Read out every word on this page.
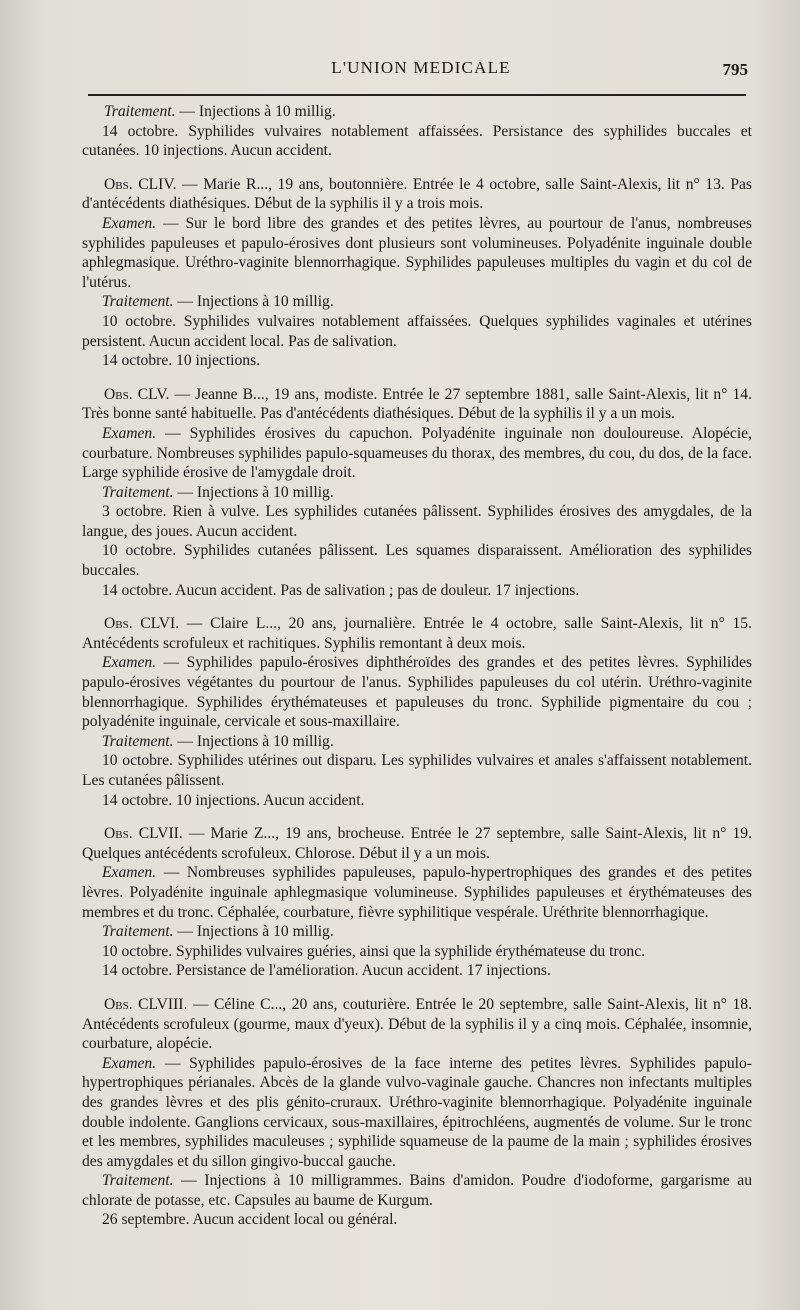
L'UNION MEDICALE	795

Traitement. — Injections à 10 millig.

14 octobre. Syphilides vulvaires notablement affaissées. Persistance des syphilides buccales et cutanées. 10 injections. Aucun accident.

Obs. CLIV. — Marie R..., 19 ans, boutonnière. Entrée le 4 octobre, salle Saint-Alexis, lit n° 13. Pas d'antécédents diathésiques. Début de la syphilis il y a trois mois.

Examen. — Sur le bord libre des grandes et des petites lèvres, au pourtour de l'anus, nombreuses syphilides papuleuses et papulo-érosives dont plusieurs sont volumineuses. Polyadénite inguinale double aphlegmasique. Uréthro-vaginite blennorrhagique. Syphilides papuleuses multiples du vagin et du col de l'utérus.

Traitement. — Injections à 10 millig.

10 octobre. Syphilides vulvaires notablement affaissées. Quelques syphilides vaginales et utérines persistent. Aucun accident local. Pas de salivation.

14 octobre. 10 injections.

Obs. CLV. — Jeanne B..., 19 ans, modiste. Entrée le 27 septembre 1881, salle Saint-Alexis, lit n° 14. Très bonne santé habituelle. Pas d'antécédents diathésiques. Début de la syphilis il y a un mois.

Examen. — Syphilides érosives du capuchon. Polyadénite inguinale non douloureuse. Alopécie, courbature. Nombreuses syphilides papulo-squameuses du thorax, des membres, du cou, du dos, de la face. Large syphilide érosive de l'amygdale droit.

Traitement. — Injections à 10 millig.

3 octobre. Rien à vulve. Les syphilides cutanées pâlissent. Syphilides érosives des amygdales, de la langue, des joues. Aucun accident.

10 octobre. Syphilides cutanées pâlissent. Les squames disparaissent. Amélioration des syphilides buccales.

14 octobre. Aucun accident. Pas de salivation ; pas de douleur. 17 injections.

Obs. CLVI. — Claire L..., 20 ans, journalière. Entrée le 4 octobre, salle Saint-Alexis, lit n° 15. Antécédents scrofuleux et rachitiques. Syphilis remontant à deux mois.

Examen. — Syphilides papulo-érosives diphthéroïdes des grandes et des petites lèvres. Syphilides papulo-érosives végétantes du pourtour de l'anus. Syphilides papuleuses du col utérin. Uréthro-vaginite blennorrhagique. Syphilides érythémateuses et papuleuses du tronc. Syphilide pigmentaire du cou ; polyadénite inguinale, cervicale et sous-maxillaire.

Traitement. — Injections à 10 millig.

10 octobre. Syphilides utérines out disparu. Les syphilides vulvaires et anales s'affaissent notablement. Les cutanées pâlissent.

14 octobre. 10 injections. Aucun accident.

Obs. CLVII. — Marie Z..., 19 ans, brocheuse. Entrée le 27 septembre, salle Saint-Alexis, lit n° 19. Quelques antécédents scrofuleux. Chlorose. Début il y a un mois.

Examen. — Nombreuses syphilides papuleuses, papulo-hypertrophiques des grandes et des petites lèvres. Polyadénite inguinale aphlegmasique volumineuse. Syphilides papuleuses et érythémateuses des membres et du tronc. Céphalée, courbature, fièvre syphilitique vespérale. Uréthrite blennorrhagique.

Traitement. — Injections à 10 millig.

10 octobre. Syphilides vulvaires guéries, ainsi que la syphilide érythémateuse du tronc.

14 octobre. Persistance de l'amélioration. Aucun accident. 17 injections.

Obs. CLVIII. — Céline C..., 20 ans, couturière. Entrée le 20 septembre, salle Saint-Alexis, lit n° 18. Antécédents scrofuleux (gourme, maux d'yeux). Début de la syphilis il y a cinq mois. Céphalée, insomnie, courbature, alopécie.

Examen. — Syphilides papulo-érosives de la face interne des petites lèvres. Syphilides papulo-hypertrophiques périanales. Abcès de la glande vulvo-vaginale gauche. Chancres non infectants multiples des grandes lèvres et des plis génito-cruraux. Uréthro-vaginite blennorrhagique. Polyadénite inguinale double indolente. Ganglions cervicaux, sous-maxillaires, épitrochléens, augmentés de volume. Sur le tronc et les membres, syphilides maculeuses ; syphilide squameuse de la paume de la main ; syphilides érosives des amygdales et du sillon gingivo-buccal gauche.

Traitement. — Injections à 10 milligrammes. Bains d'amidon. Poudre d'iodoforme, gargarisme au chlorate de potasse, etc. Capsules au baume de Kurgum.

26 septembre. Aucun accident local ou général.
